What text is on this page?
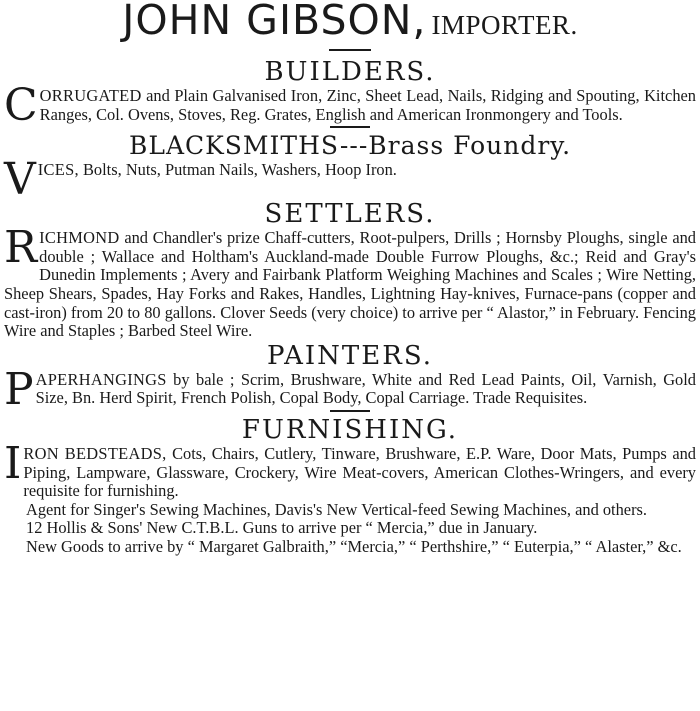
JOHN GIBSON, IMPORTER.
BUILDERS.

CORRUGATED and Plain Galvanised Iron, Zinc, Sheet Lead, Nails, Ridging and Spouting, Kitchen Ranges, Col. Ovens, Stoves, Reg. Grates, English and American Ironmongery and Tools.

BLACKSMITHS---Brass Foundry.

VICES, Bolts, Nuts, Putman Nails, Washers, Hoop Iron.

SETTLERS.

RICHMOND and Chandler's prize Chaff-cutters, Root-pulpers, Drills ; Hornsby Ploughs, single and double ; Wallace and Holtham's Auckland-made Double Furrow Ploughs, &c.; Reid and Gray's Dunedin Implements ; Avery and Fairbank Platform Weighing Machines and Scales ; Wire Netting, Sheep Shears, Spades, Hay Forks and Rakes, Handles, Lightning Hay-knives, Furnace-pans (copper and cast-iron) from 20 to 80 gallons. Clover Seeds (very choice) to arrive per “ Alastor,” in February. Fencing Wire and Staples ; Barbed Steel Wire.

PAINTERS.

PAPERHANGINGS by bale ; Scrim, Brushware, White and Red Lead Paints, Oil, Varnish, Gold Size, Bn. Herd Spirit, French Polish, Copal Body, Copal Carriage. Trade Requisites.

FURNISHING.

IRON BEDSTEADS, Cots, Chairs, Cutlery, Tinware, Brushware, E.P. Ware, Door Mats, Pumps and Piping, Lampware, Glassware, Crockery, Wire Meat-covers, American Clothes-Wringers, and every requisite for furnishing.

Agent for Singer's Sewing Machines, Davis's New Vertical-feed Sewing Machines, and others.

12 Hollis & Sons' New C.T.B.L. Guns to arrive per “ Mercia,” due in January.

New Goods to arrive by “ Margaret Galbraith,” “Mercia,” “ Perthshire,” “ Euterpia,” “ Alaster,” &c.
